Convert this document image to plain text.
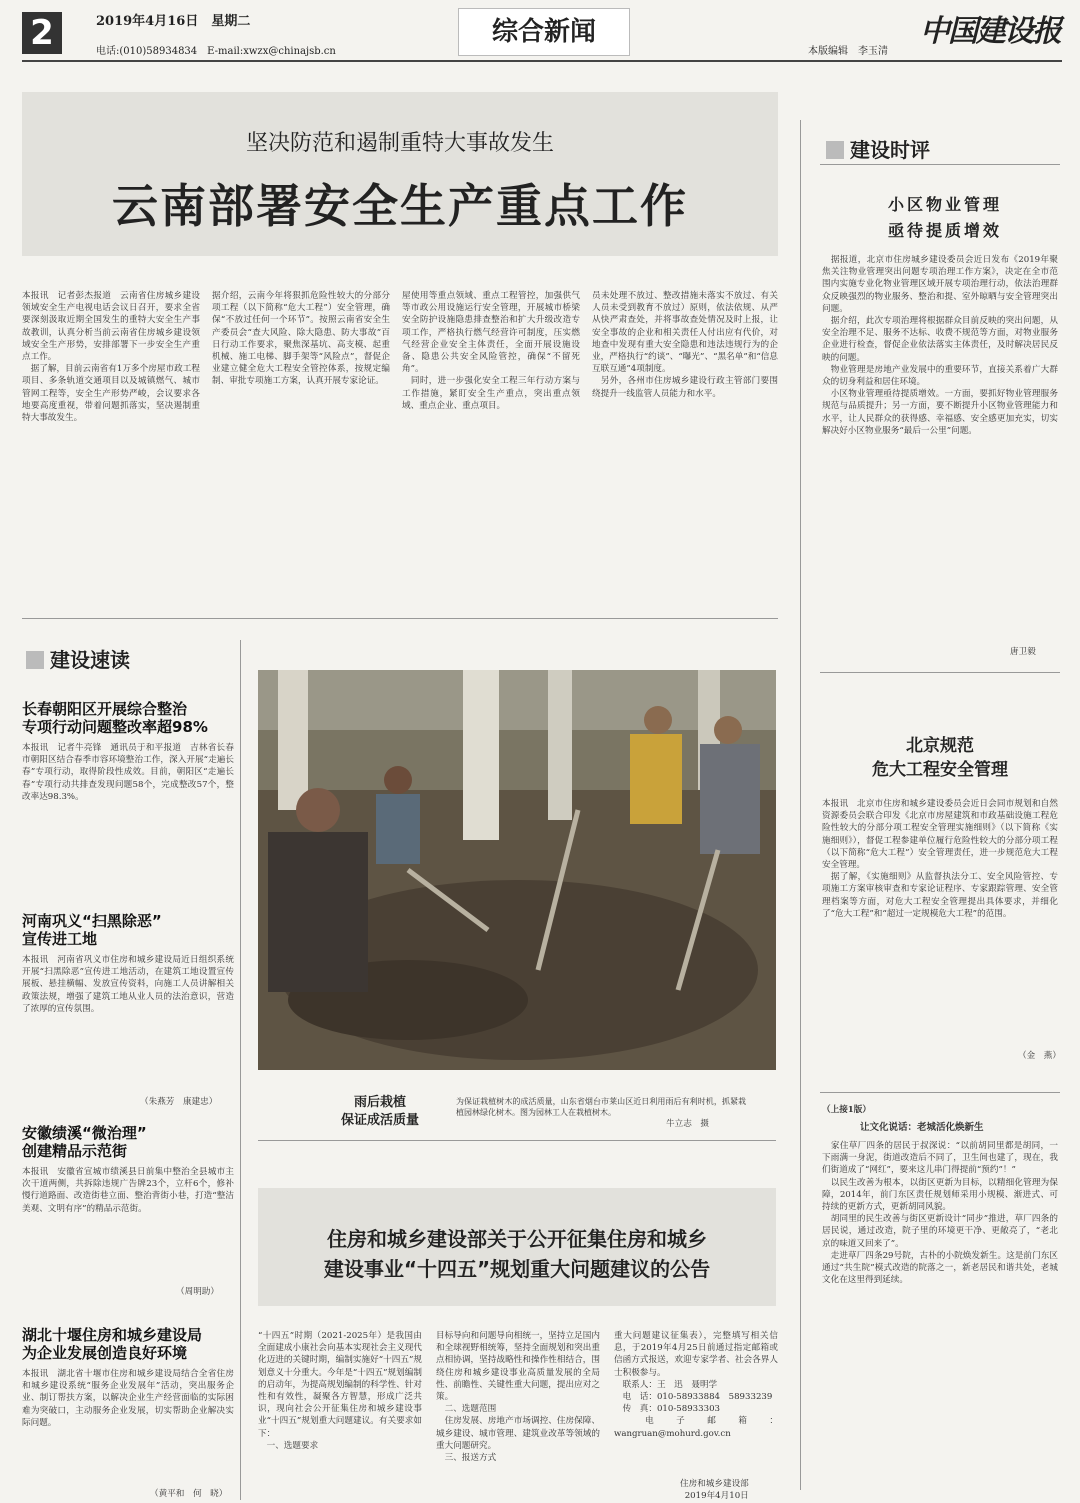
2	2019年4月16日　星期二
电话:(010)58934834　E-mail:xwzx@chinajsb.cn
综合新闻
本版编辑　李玉清
中国建设报
坚决防范和遏制重特大事故发生
云南部署安全生产重点工作
本报讯　记者彭杰报道　云南省住房城乡建设领域安全生产电视电话会议日召开，要求全省要深刻汲取近期全国发生的重特大安全生产事故教训，认真分析当前云南省住房城乡建设领域安全生产形势，安排部署下一步安全生产重点工作。
　据了解，目前云南省有1万多个房屋市政工程项目、多条轨道交通项目以及城镇燃气、城市管网工程等，安全生产形势严峻，会议要求各地要高度重视，带着问题抓落实，坚决遏制重特大事故发生。
据介绍，云南今年将狠抓危险性较大的分部分项工程（以下简称“危大工程”）安全管理，确保“不放过任何一个环节”。按照云南省安全生产委员会“查大风险、除大隐患、防大事故”百日行动工作要求，聚焦深基坑、高支模、起重机械、施工电梯、脚手架等“风险点”，督促企业建立健全危大工程安全管控体系，按规定编制、审批专项施工方案，认真开展专家论证。
屋使用等重点领域、重点工程管控，加强供气等市政公用设施运行安全管理，开展城市桥梁安全防护设施隐患排查整治和扩大升级改造专项工作，严格执行燃气经营许可制度，压实燃气经营企业安全主体责任，全面开展设施设备、隐患公共安全风险管控，确保“不留死角”。
　同时，进一步强化安全工程三年行动方案与工作措施，紧盯安全生产重点，突出重点领域、重点企业、重点项目。
员未处理不放过、整改措施未落实不放过、有关人员未受到教育不放过）原则，依法依规、从严从快严肃查处，并将事故查处情况及时上报，让安全事故的企业和相关责任人付出应有代价，对地查中发现有重大安全隐患和违法违规行为的企业，严格执行“约谈”、“曝光”、“黑名单”和“信息互联互通”4项制度。
　另外，各州市住房城乡建设行政主管部门要围绕提升一线监管人员能力和水平。
建设时评
小区物业管理
亟待提质增效
　据报道，北京市住房城乡建设委员会近日发布《2019年聚焦关注物业管理突出问题专项治理工作方案》，决定在全市范围内实施专业化物业管理区域开展专项治理行动，依法治理群众反映强烈的物业服务、整治和提、室外晾晒与安全管理突出问题。
　据介绍，此次专项治理将根据群众目前反映的突出问题，从安全治理不足、服务不达标、收费不规范等方面，对物业服务企业进行检查，督促企业依法落实主体责任，及时解决居民反映的问题。
　物业管理是房地产业发展中的重要环节，直接关系着广大群众的切身利益和居住环境。
　小区物业管理亟待提质增效。一方面，要抓好物业管理服务规范与品质提升；另一方面，要不断提升小区物业管理能力和水平，让人民群众的获得感、幸福感、安全感更加充实，切实解决好小区物业服务“最后一公里”问题。
唐卫毅
建设速读
长春朝阳区开展综合整治
专项行动问题整改率超98%
本报讯　记者牛亮锋　通讯员于和平报道　吉林省长春市朝阳区结合春季市容环境整治工作，深入开展“走遍长春”专项行动，取得阶段性成效。目前，朝阳区“走遍长春”专项行动共排查发现问题58个，完成整改57个，整改率达98.3%。
河南巩义“扫黑除恶”
宣传进工地
本报讯　河南省巩义市住房和城乡建设局近日组织系统开展“扫黑除恶”宣传进工地活动，在建筑工地设置宣传展板、悬挂横幅、发放宣传资料，向施工人员讲解相关政策法规，增强了建筑工地从业人员的法治意识，营造了浓厚的宣传氛围。
（朱燕芳　康建忠）
安徽绩溪“微治理”
创建精品示范街
本报讯　安徽省宣城市绩溪县日前集中整治全县城市主次干道两侧，共拆除违规广告牌23个，立杆6个，修补慢行道路面、改造街巷立面、整治背街小巷，打造“整洁美观、文明有序”的精品示范街。
（周明助）
湖北十堰住房和城乡建设局
为企业发展创造良好环境
本报讯　湖北省十堰市住房和城乡建设局结合全省住房和城乡建设系统“服务企业发展年”活动，突出服务企业、制订帮扶方案，以解决企业生产经营面临的实际困难为突破口，主动服务企业发展，切实帮助企业解决实际问题。
（黄平和　何　晓）
雨后栽植
保证成活质量
为保证栽植树木的成活质量，山东省烟台市莱山区近日利用雨后有利时机，抓紧栽植园林绿化树木。图为园林工人在栽植树木。
牛立志　摄
住房和城乡建设部关于公开征集住房和城乡
建设事业“十四五”规划重大问题建议的公告
“十四五”时期（2021-2025年）是我国由全面建成小康社会向基本实现社会主义现代化迈进的关键时期，编制实施好“十四五”规划意义十分重大。今年是“十四五”规划编制的启动年，为提高规划编制的科学性、针对性和有效性，凝聚各方智慧，形成广泛共识，现向社会公开征集住房和城乡建设事业“十四五”规划重大问题建议。有关要求如下：
　一、选题要求
目标导向和问题导向相统一，坚持立足国内和全球视野相统筹，坚持全面规划和突出重点相协调，坚持战略性和操作性相结合，围绕住房和城乡建设事业高质量发展的全局性、前瞻性、关键性重大问题，提出应对之策。
　二、选题范围
　住房发展、房地产市场调控、住房保障、城乡建设、城市管理、建筑业改革等领域的重大问题研究。
　三、报送方式
重大问题建议征集表），完整填写相关信息，于2019年4月25日前通过指定邮箱或信函方式报送，欢迎专家学者、社会各界人士积极参与。
　联系人：王　迅　聂明学
　电　话：010-58933884　58933239
　传　真：010-58933303
　电子邮箱：wangruan@mohurd.gov.cn
住房和城乡建设部
2019年4月10日
北京规范
危大工程安全管理
本报讯　北京市住房和城乡建设委员会近日会同市规划和自然资源委员会联合印发《北京市房屋建筑和市政基础设施工程危险性较大的分部分项工程安全管理实施细则》（以下简称《实施细则》），督促工程参建单位履行危险性较大的分部分项工程（以下简称“危大工程”）安全管理责任，进一步规范危大工程安全管理。
　据了解，《实施细则》从监督执法分工、安全风险管控、专项施工方案审核审查和专家论证程序、专家跟踪管理、安全管理档案等方面，对危大工程安全管理提出具体要求，并细化了“危大工程”和“超过一定规模危大工程”的范围。
（金　燕）
（上接1版）
让文化说话：老城活化焕新生
　家住草厂四条的居民于叔深说：“以前胡同里都是胡同，一下雨满一身泥，街道改造后不同了，卫生间也建了，现在，我们街道成了“网红”，要来这儿串门得提前“预约”！”
　以民生改善为根本，以街区更新为目标，以精细化管理为保障，2014年，前门东区责任规划师采用小规模、渐进式、可持续的更新方式，更新胡同风貌。
　胡同里的民生改善与街区更新设计“同步”推进，草厂四条的居民说，通过改造，院子里的环境更干净、更敞亮了，“老北京的味道又回来了”。
　走进草厂四条29号院，古朴的小院焕发新生。这是前门东区通过“共生院”模式改造的院落之一，新老居民和谐共处，老城文化在这里得到延续。
